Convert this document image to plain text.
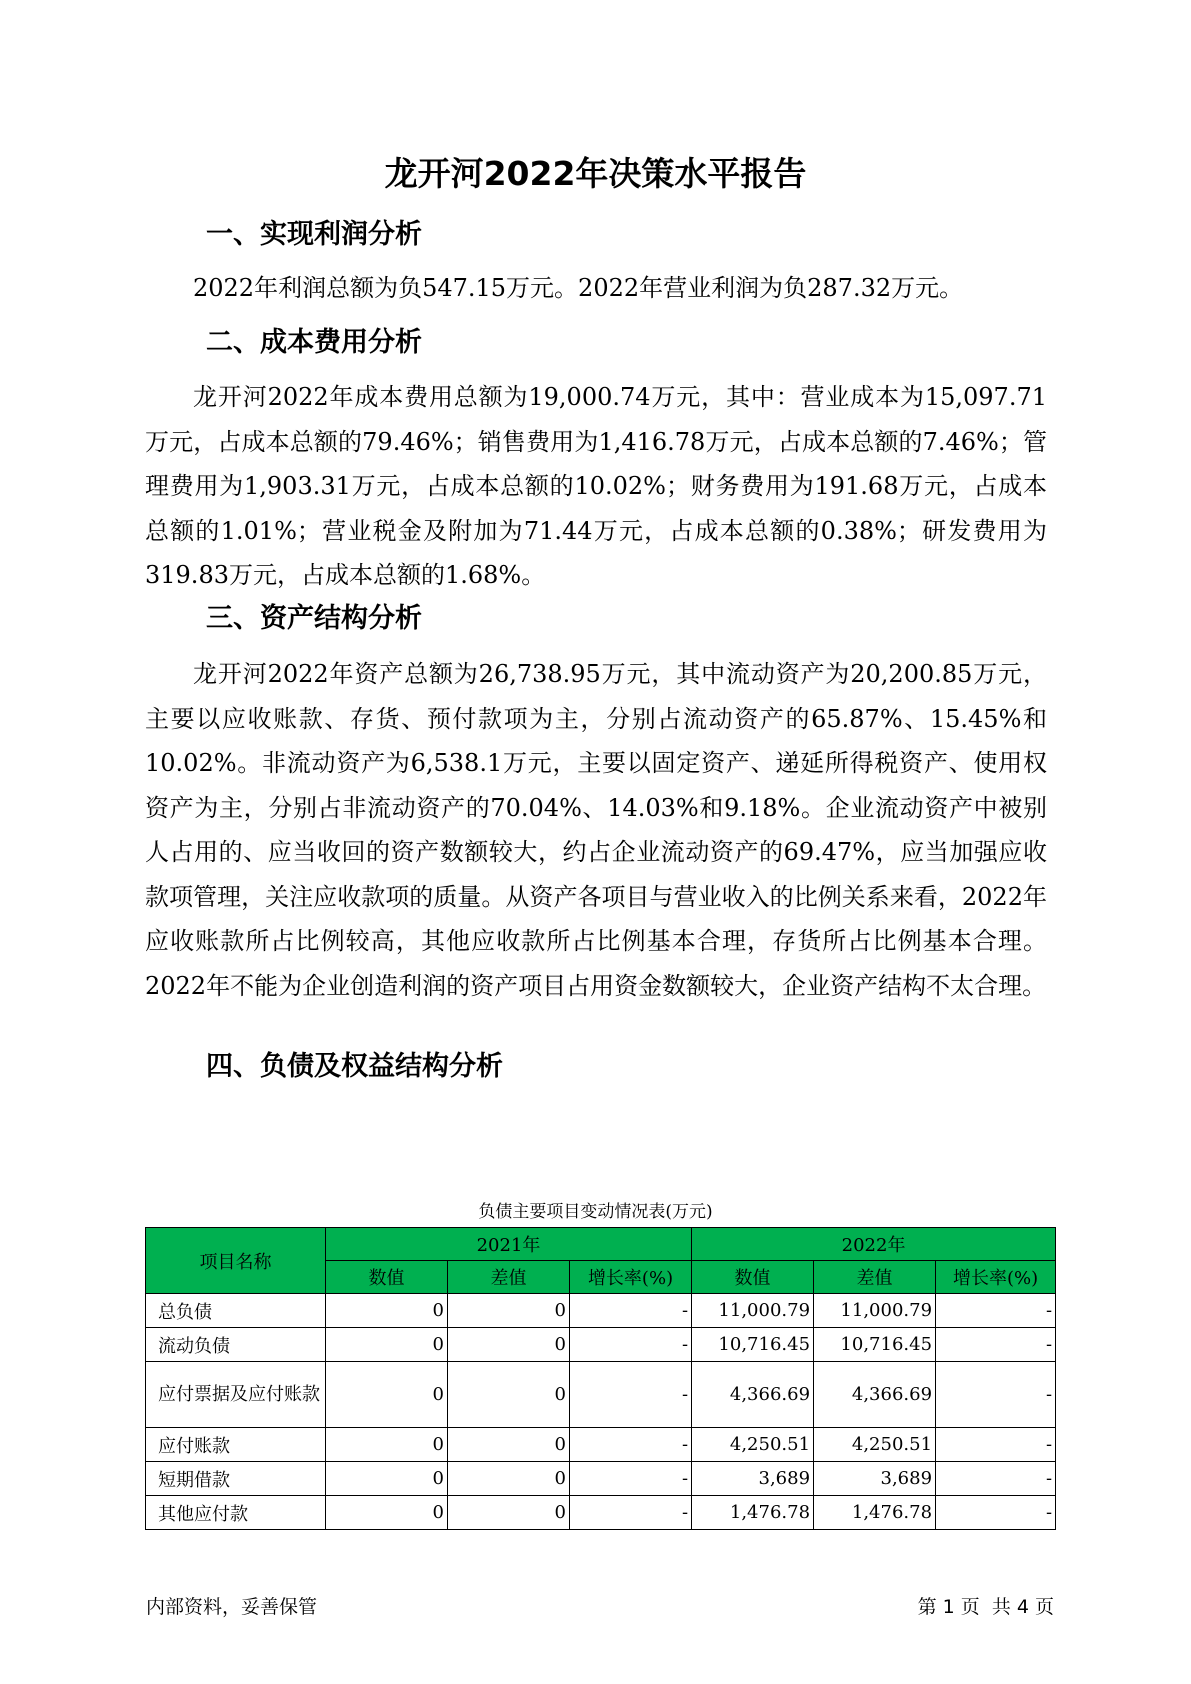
龙开河2022年决策水平报告
一、实现利润分析
2022年利润总额为负547.15万元。2022年营业利润为负287.32万元。
二、成本费用分析
龙开河2022年成本费用总额为19,000.74万元，其中：营业成本为15,097.71万元，占成本总额的79.46%；销售费用为1,416.78万元，占成本总额的7.46%；管理费用为1,903.31万元，占成本总额的10.02%；财务费用为191.68万元，占成本总额的1.01%；营业税金及附加为71.44万元，占成本总额的0.38%；研发费用为319.83万元，占成本总额的1.68%。
三、资产结构分析
龙开河2022年资产总额为26,738.95万元，其中流动资产为20,200.85万元，主要以应收账款、存货、预付款项为主，分别占流动资产的65.87%、15.45%和10.02%。非流动资产为6,538.1万元，主要以固定资产、递延所得税资产、使用权资产为主，分别占非流动资产的70.04%、14.03%和9.18%。企业流动资产中被别人占用的、应当收回的资产数额较大，约占企业流动资产的69.47%，应当加强应收款项管理，关注应收款项的质量。从资产各项目与营业收入的比例关系来看，2022年应收账款所占比例较高，其他应收款所占比例基本合理，存货所占比例基本合理。2022年不能为企业创造利润的资产项目占用资金数额较大，企业资产结构不太合理。
四、负债及权益结构分析
负债主要项目变动情况表(万元)
项目名称	2021年			2022年		
	数值	差值	增长率(%)	数值	差值	增长率(%)
总负债	0	0	-	11,000.79	11,000.79	-
流动负债	0	0	-	10,716.45	10,716.45	-

应付票据及应付账款	0	0	-	4,366.69	4,366.69	-
应付账款	0	0	-	4,250.51	4,250.51	-
短期借款	0	0	-	3,689	3,689	-
其他应付款	0	0	-	1,476.78	1,476.78	-
内部资料，妥善保管	第 1 页  共 4 页
